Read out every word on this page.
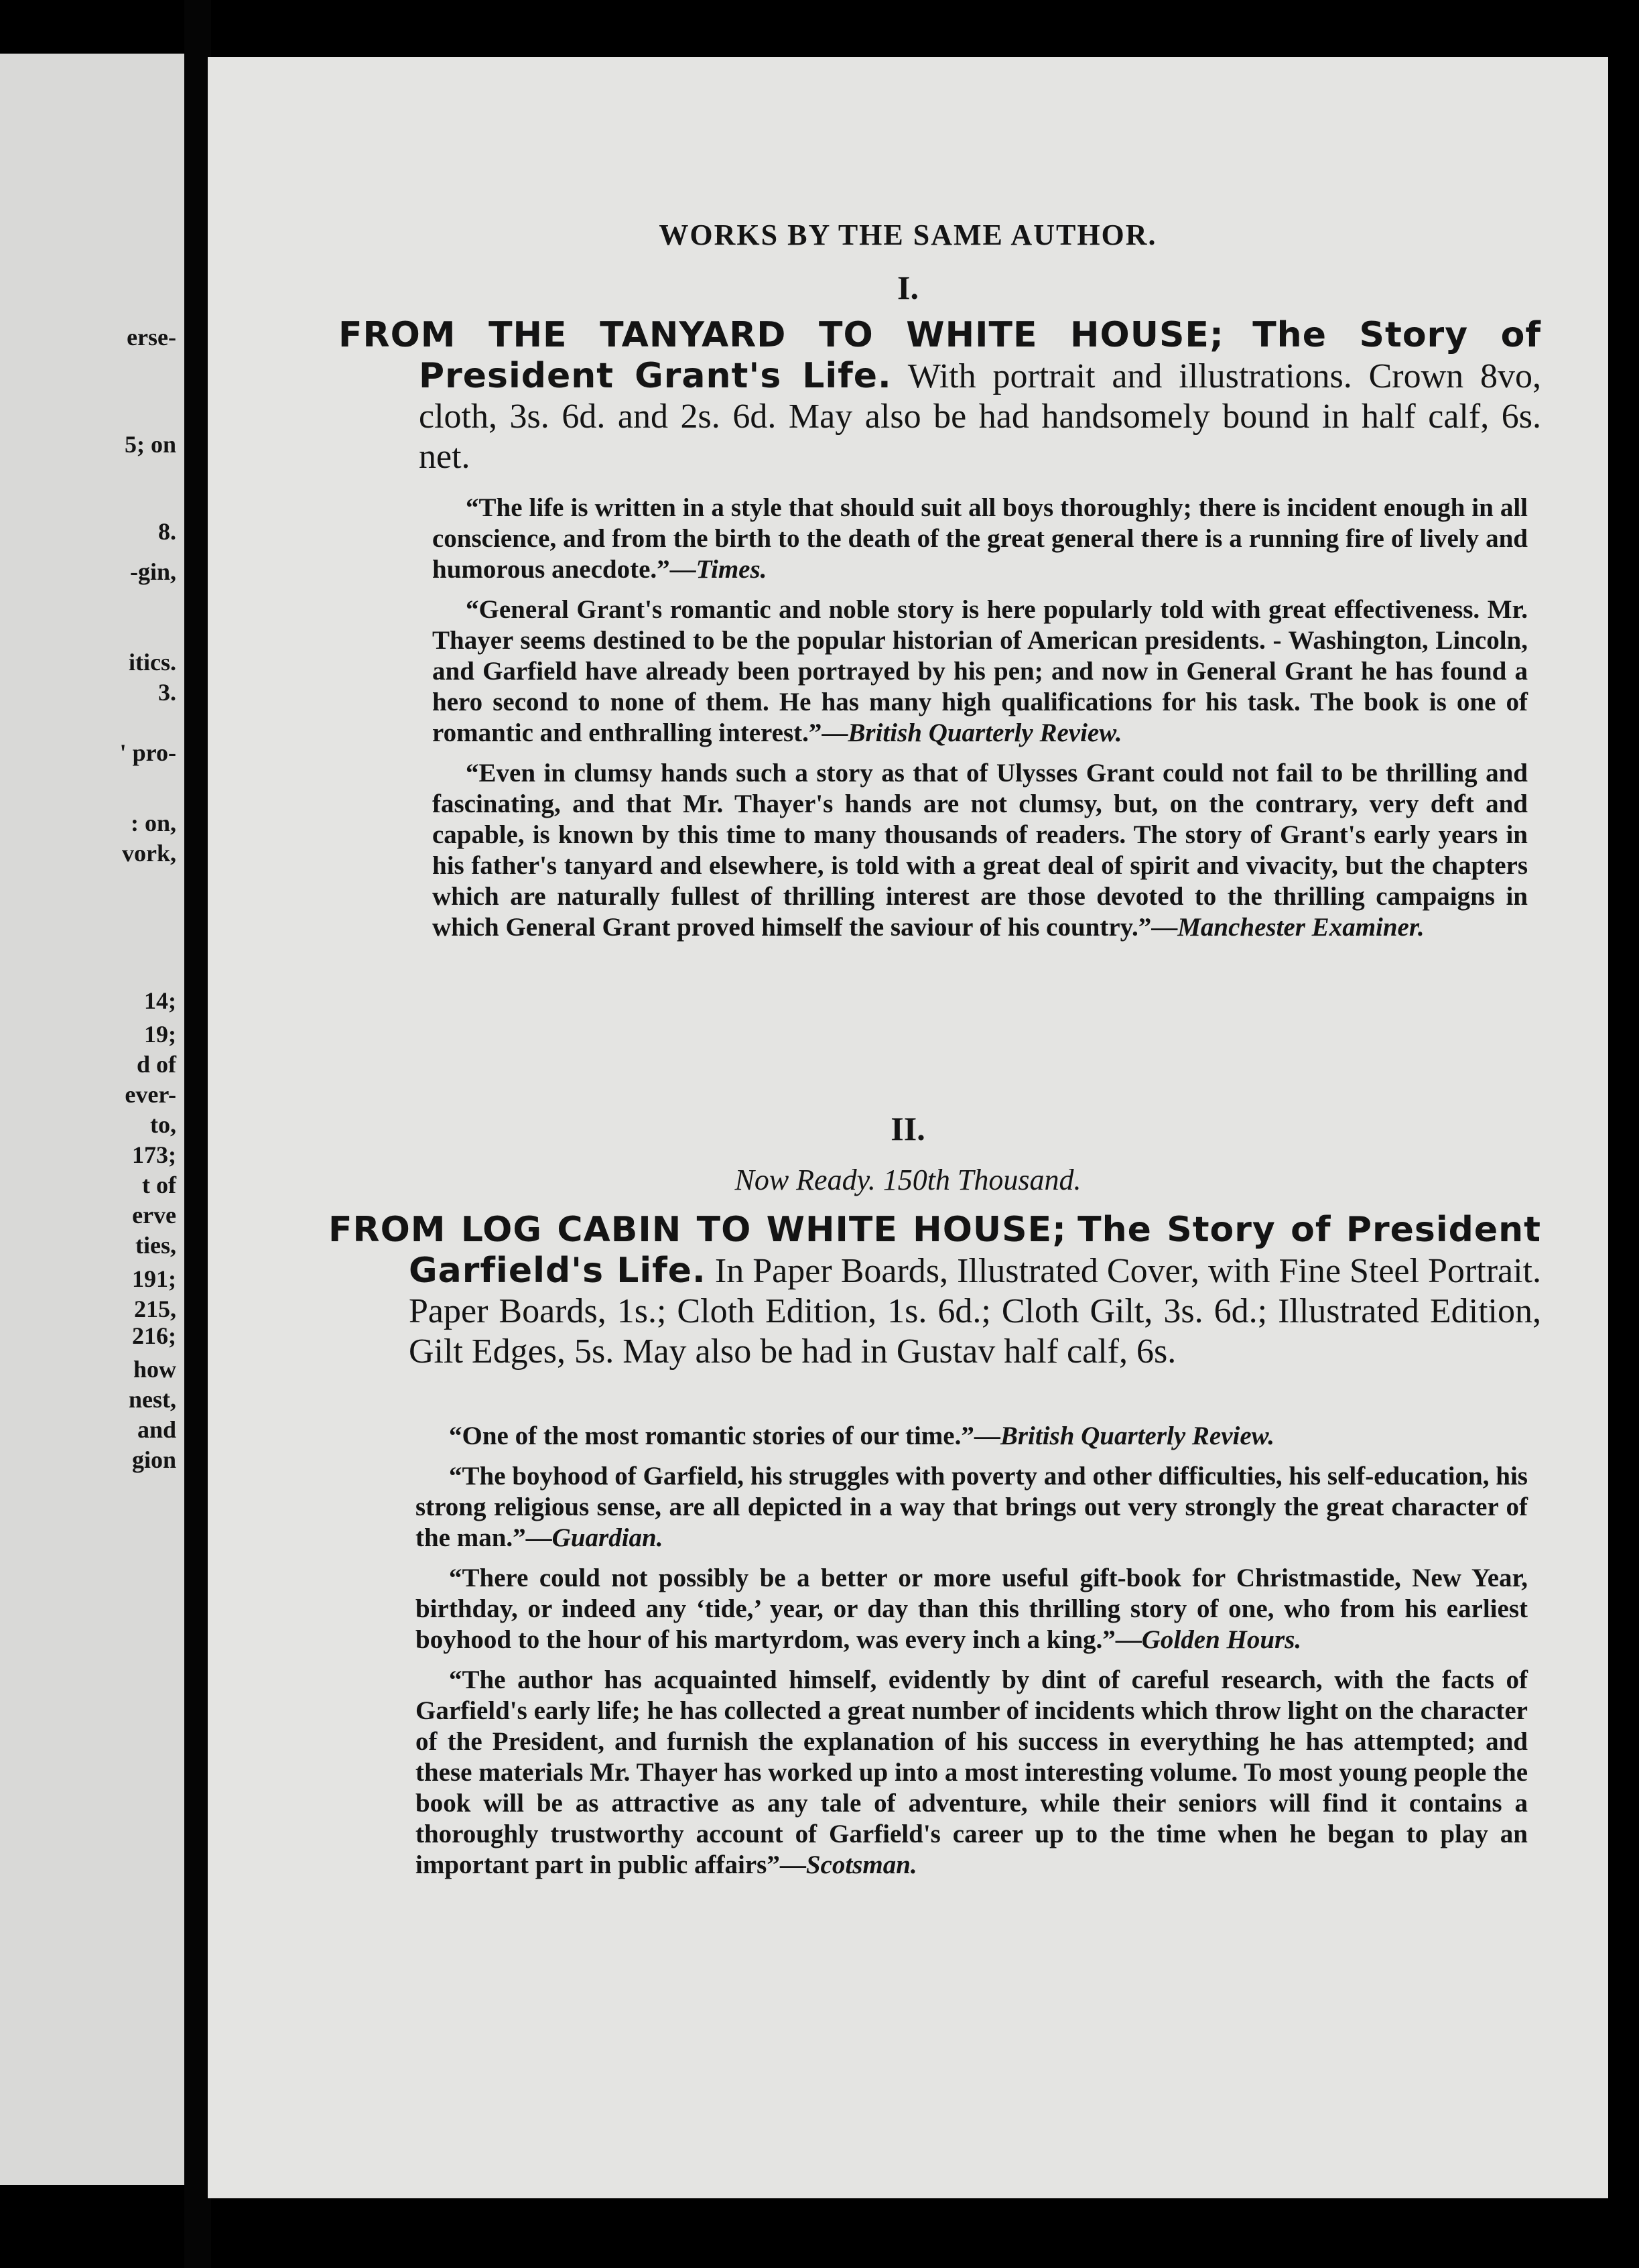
erse-
5; on
8.
-gin,
itics.
3.
' pro-
: on,
vork,
14;
19;
d of
ever-
to,
173;
t of
erve
ties,
191;
215,
216;
how
nest,
and
gion
WORKS BY THE SAME AUTHOR.
I.
FROM THE TANYARD TO WHITE HOUSE; The Story of President Grant's Life. With portrait and illustrations. Crown 8vo, cloth, 3s. 6d. and 2s. 6d. May also be had handsomely bound in half calf, 6s. net.

“The life is written in a style that should suit all boys thoroughly; there is incident enough in all conscience, and from the birth to the death of the great general there is a running fire of lively and humorous anecdote.”—Times.

“General Grant's romantic and noble story is here popularly told with great effectiveness. Mr. Thayer seems destined to be the popular historian of American presidents. - Washington, Lincoln, and Garfield have already been portrayed by his pen; and now in General Grant he has found a hero second to none of them. He has many high qualifications for his task. The book is one of romantic and enthralling interest.”—British Quarterly Review.

“Even in clumsy hands such a story as that of Ulysses Grant could not fail to be thrilling and fascinating, and that Mr. Thayer's hands are not clumsy, but, on the contrary, very deft and capable, is known by this time to many thousands of readers. The story of Grant's early years in his father's tanyard and elsewhere, is told with a great deal of spirit and vivacity, but the chapters which are naturally fullest of thrilling interest are those devoted to the thrilling campaigns in which General Grant proved himself the saviour of his country.”—Manchester Examiner.

II.
Now Ready. 150th Thousand.
FROM LOG CABIN TO WHITE HOUSE; The Story of President Garfield's Life. In Paper Boards, Illustrated Cover, with Fine Steel Portrait. Paper Boards, 1s.; Cloth Edition, 1s. 6d.; Cloth Gilt, 3s. 6d.; Illustrated Edition, Gilt Edges, 5s. May also be had in Gustav half calf, 6s.

“One of the most romantic stories of our time.”—British Quarterly Review.

“The boyhood of Garfield, his struggles with poverty and other difficulties, his self-education, his strong religious sense, are all depicted in a way that brings out very strongly the great character of the man.”—Guardian.

“There could not possibly be a better or more useful gift-book for Christmastide, New Year, birthday, or indeed any ‘tide,’ year, or day than this thrilling story of one, who from his earliest boyhood to the hour of his martyrdom, was every inch a king.”—Golden Hours.

“The author has acquainted himself, evidently by dint of careful research, with the facts of Garfield's early life; he has collected a great number of incidents which throw light on the character of the President, and furnish the explanation of his success in everything he has attempted; and these materials Mr. Thayer has worked up into a most interesting volume. To most young people the book will be as attractive as any tale of adventure, while their seniors will find it contains a thoroughly trustworthy account of Garfield's career up to the time when he began to play an important part in public affairs”—Scotsman.
